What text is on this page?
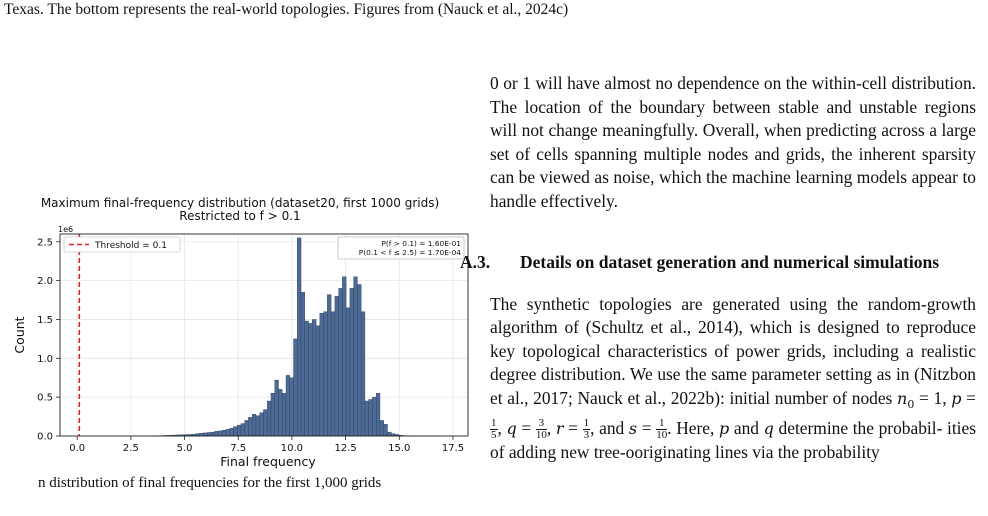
Texas. The bottom represents the real-world topologies. Figures from (Nauck et al., 2024c)
Maximum final-frequency distribution (dataset20, first 1000 grids)
Restricted to f > 0.1
0.0	2.5	5.0	7.5	10.0	12.5	15.0	17.5
0.0
0.5
1.0
1.5
2.0
2.5
1e6
Final frequency
Count
Threshold = 0.1	P(f > 0.1) = 1.60E-01
P(0.1 < f ≤ 2.5) = 1.70E-04
n distribution of final frequencies for the first 1,000 grids

0 or 1 will have almost no dependence on the within-cell distribution. The location of the boundary between stable and unstable regions will not change meaningfully. Overall, when predicting across a large set of cells spanning multiple nodes and grids, the inherent sparsity can be viewed as noise, which the machine learning models appear to handle effectively.

A.3. Details on dataset generation and numerical simulations

The synthetic topologies are generated using the random-growth algorithm of (Schultz et al., 2014), which is designed to reproduce key topological characteristics of power grids, including a realistic degree distribution. We use the same parameter setting as in (Nitzbon et al., 2017; Nauck et al., 2022b): initial number of nodes $n_0 = 1$, p =
$\frac{1}{5}$ , $q = \frac{3}{10}$ , $r = \frac{1}{3}$ , and $s = \frac{1}{10}$ . Here, p and q determine the probabil- ities of adding new tree-ooriginating lines via the probability
